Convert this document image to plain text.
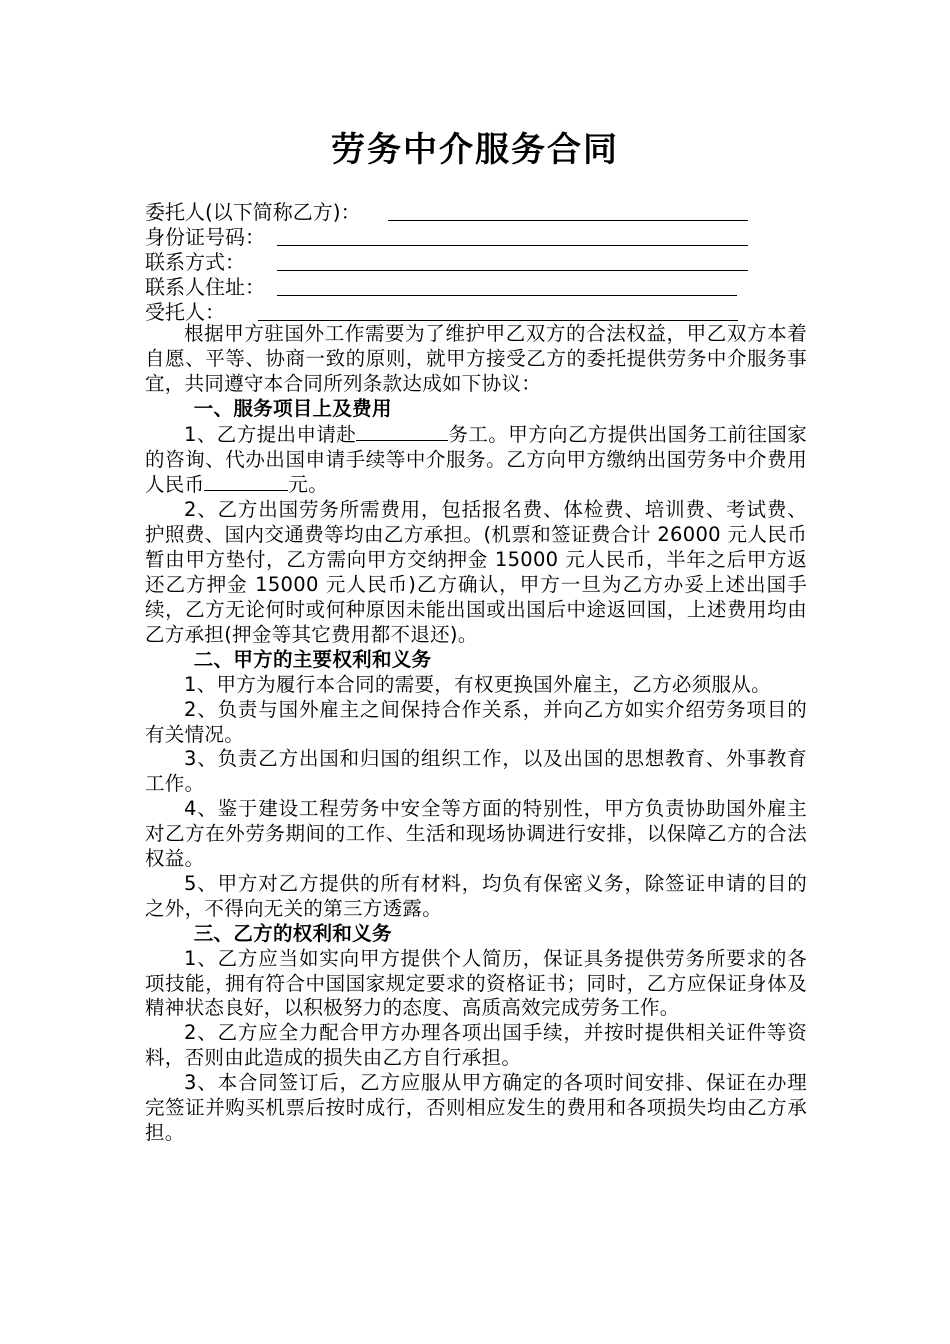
劳务中介服务合同
委托人(以下简称乙方)：
身份证号码：
联系方式：
联系人住址：
受托人：

根据甲方驻国外工作需要为了维护甲乙双方的合法权益，甲乙双方本着自愿、平等、协商一致的原则，就甲方接受乙方的委托提供劳务中介服务事宜，共同遵守本合同所列条款达成如下协议：

一、服务项目上及费用

1、乙方提出申请赴	务工。甲方向乙方提供出国务工前往国家的咨询、代办出国申请手续等中介服务。乙方向甲方缴纳出国劳务中介费用人民币	元。

2、乙方出国劳务所需费用，包括报名费、体检费、培训费、考试费、护照费、国内交通费等均由乙方承担。(机票和签证费合计 26000 元人民币暂由甲方垫付，乙方需向甲方交纳押金 15000 元人民币，半年之后甲方返还乙方押金 15000 元人民币)乙方确认，甲方一旦为乙方办妥上述出国手续，乙方无论何时或何种原因未能出国或出国后中途返回国，上述费用均由乙方承担(押金等其它费用都不退还)。

二、甲方的主要权利和义务

1、甲方为履行本合同的需要，有权更换国外雇主，乙方必须服从。

2、负责与国外雇主之间保持合作关系，并向乙方如实介绍劳务项目的有关情况。

3、负责乙方出国和归国的组织工作，以及出国的思想教育、外事教育工作。

4、鉴于建设工程劳务中安全等方面的特别性，甲方负责协助国外雇主对乙方在外劳务期间的工作、生活和现场协调进行安排，以保障乙方的合法权益。

5、甲方对乙方提供的所有材料，均负有保密义务，除签证申请的目的之外，不得向无关的第三方透露。

三、乙方的权利和义务

1、乙方应当如实向甲方提供个人简历，保证具务提供劳务所要求的各项技能，拥有符合中国国家规定要求的资格证书；同时，乙方应保证身体及精神状态良好，以积极努力的态度、高质高效完成劳务工作。

2、乙方应全力配合甲方办理各项出国手续，并按时提供相关证件等资料，否则由此造成的损失由乙方自行承担。

3、本合同签订后，乙方应服从甲方确定的各项时间安排、保证在办理完签证并购买机票后按时成行，否则相应发生的费用和各项损失均由乙方承担。
